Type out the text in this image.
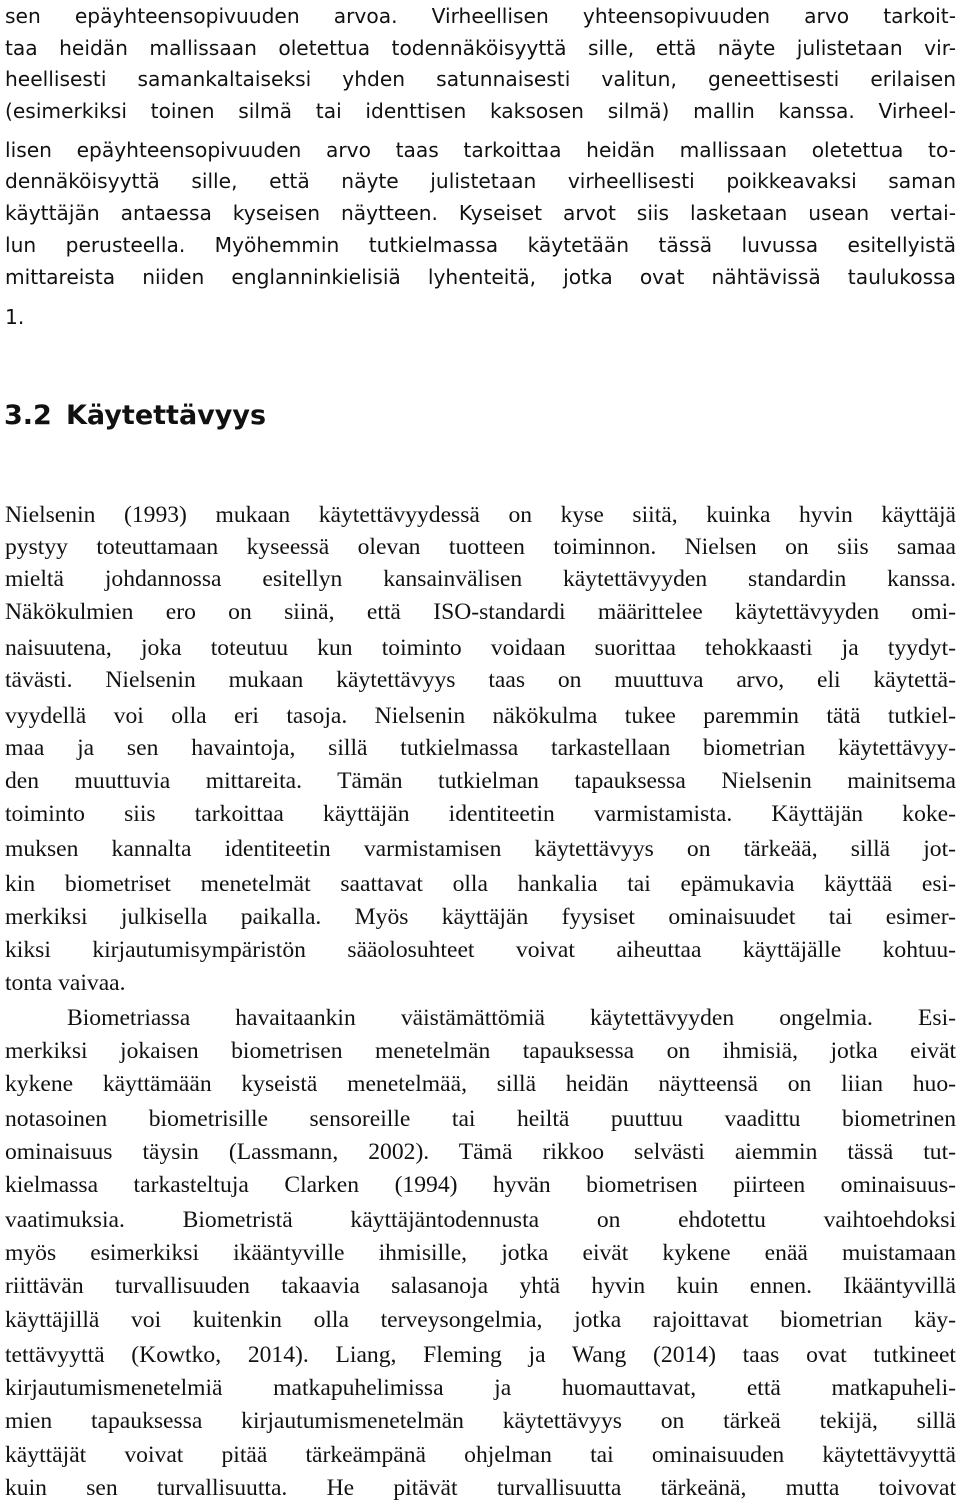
sen epäyhteensopivuuden arvoa. Virheellisen yhteensopivuuden arvo tarkoit-
taa heidän mallissaan oletettua todennäköisyyttä sille, että näyte julistetaan vir-
heellisesti samankaltaiseksi yhden satunnaisesti valitun, geneettisesti erilaisen
(esimerkiksi toinen silmä tai identtisen kaksosen silmä) mallin kanssa. Virheel-
lisen epäyhteensopivuuden arvo taas tarkoittaa heidän mallissaan oletettua to-
dennäköisyyttä sille, että näyte julistetaan virheellisesti poikkeavaksi saman
käyttäjän antaessa kyseisen näytteen. Kyseiset arvot siis lasketaan usean vertai-
lun perusteella. Myöhemmin tutkielmassa käytetään tässä luvussa esitellyistä
mittareista niiden englanninkielisiä lyhenteitä, jotka ovat nähtävissä taulukossa
1.
3.2 Käytettävyys
Nielsenin (1993) mukaan käytettävyydessä on kyse siitä, kuinka hyvin käyttäjä
pystyy toteuttamaan kyseessä olevan tuotteen toiminnon. Nielsen on siis samaa
mieltä johdannossa esitellyn kansainvälisen käytettävyyden standardin kanssa.
Näkökulmien ero on siinä, että ISO-standardi määrittelee käytettävyyden omi-
naisuutena, joka toteutuu kun toiminto voidaan suorittaa tehokkaasti ja tyydyt-
tävästi. Nielsenin mukaan käytettävyys taas on muuttuva arvo, eli käytettä-
vyydellä voi olla eri tasoja. Nielsenin näkökulma tukee paremmin tätä tutkiel-
maa ja sen havaintoja, sillä tutkielmassa tarkastellaan biometrian käytettävyy-
den muuttuvia mittareita. Tämän tutkielman tapauksessa Nielsenin mainitsema
toiminto siis tarkoittaa käyttäjän identiteetin varmistamista. Käyttäjän koke-
muksen kannalta identiteetin varmistamisen käytettävyys on tärkeää, sillä jot-
kin biometriset menetelmät saattavat olla hankalia tai epämukavia käyttää esi-
merkiksi julkisella paikalla. Myös käyttäjän fyysiset ominaisuudet tai esimer-
kiksi kirjautumisympäristön sääolosuhteet voivat aiheuttaa käyttäjälle kohtuu-
tonta vaivaa.
Biometriassa havaitaankin väistämättömiä käytettävyyden ongelmia. Esi-
merkiksi jokaisen biometrisen menetelmän tapauksessa on ihmisiä, jotka eivät
kykene käyttämään kyseistä menetelmää, sillä heidän näytteensä on liian huo-
notasoinen biometrisille sensoreille tai heiltä puuttuu vaadittu biometrinen
ominaisuus täysin (Lassmann, 2002). Tämä rikkoo selvästi aiemmin tässä tut-
kielmassa tarkasteltuja Clarken (1994) hyvän biometrisen piirteen ominaisuus-
vaatimuksia. Biometristä käyttäjäntodennusta on ehdotettu vaihtoehdoksi
myös esimerkiksi ikääntyville ihmisille, jotka eivät kykene enää muistamaan
riittävän turvallisuuden takaavia salasanoja yhtä hyvin kuin ennen. Ikääntyvillä
käyttäjillä voi kuitenkin olla terveysongelmia, jotka rajoittavat biometrian käy-
tettävyyttä (Kowtko, 2014). Liang, Fleming ja Wang (2014) taas ovat tutkineet
kirjautumismenetelmiä matkapuhelimissa ja huomauttavat, että matkapuheli-
mien tapauksessa kirjautumismenetelmän käytettävyys on tärkeä tekijä, sillä
käyttäjät voivat pitää tärkeämpänä ohjelman tai ominaisuuden käytettävyyttä
kuin sen turvallisuutta. He pitävät turvallisuutta tärkeänä, mutta toivovat
